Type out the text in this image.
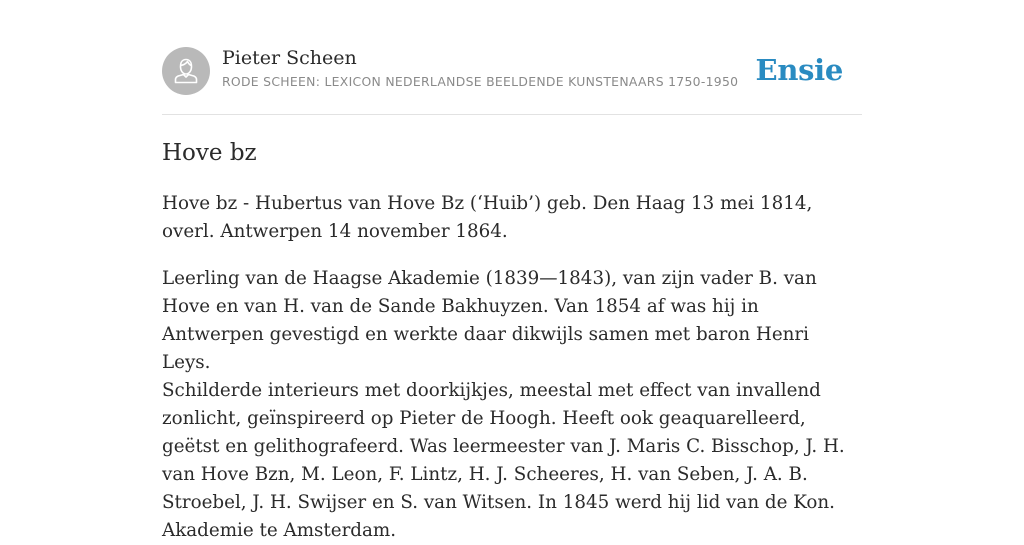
Pieter Scheen
RODE SCHEEN: LEXICON NEDERLANDSE BEELDENDE KUNSTENAARS 1750-1950 Ensie
Hove bz

Hove bz - Hubertus van Hove Bz (‘Huib’) geb. Den Haag 13 mei 1814, overl. Antwerpen 14 november 1864.

Leerling van de Haagse Akademie (1839—1843), van zijn vader B. van Hove en van H. van de Sande Bakhuyzen. Van 1854 af was hij in Antwerpen gevestigd en werkte daar dikwijls samen met baron Henri Leys.

Schilderde interieurs met doorkijkjes, meestal met effect van invallend zonlicht, geïnspireerd op Pieter de Hoogh. Heeft ook geaquarelleerd, geëtst en gelithografeerd. Was leermeester van J. Maris C. Bisschop, J. H. van Hove Bzn, M. Leon, F. Lintz, H. J. Scheeres, H. van Seben, J. A. B. Stroebel, J. H. Swijser en S. van Witsen. In 1845 werd hij lid van de Kon. Akademie te Amsterdam.
